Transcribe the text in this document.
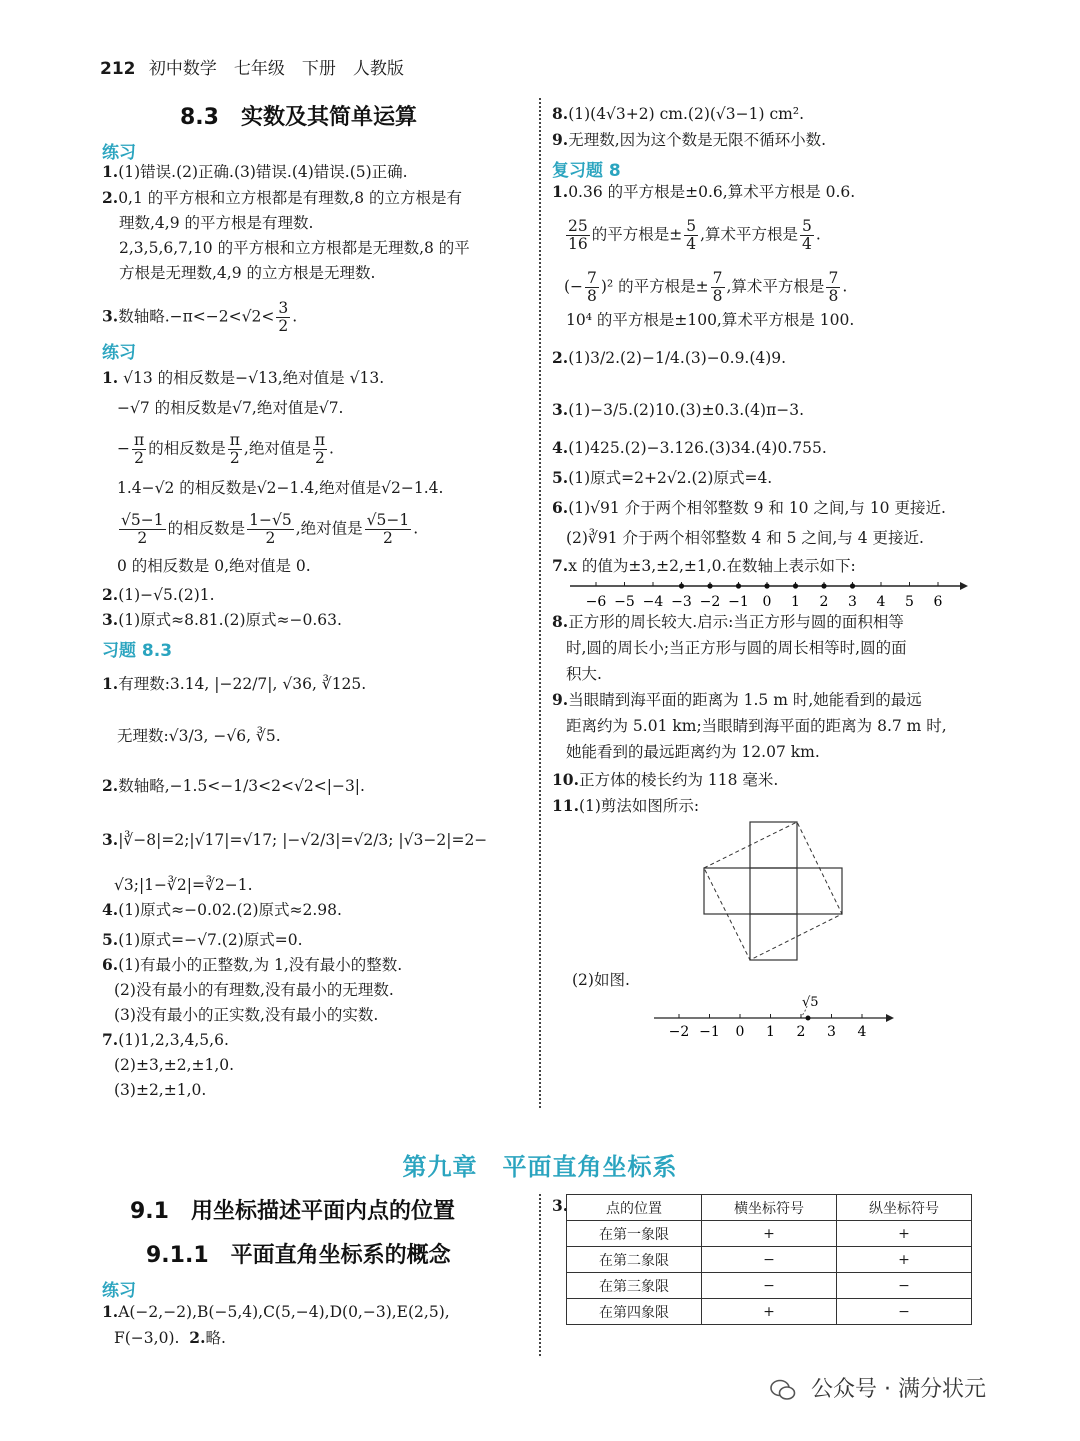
212 初中数学　七年级　下册　人教版
8.3　实数及其简单运算
练习
1.(1)错误.(2)正确.(3)错误.(4)错误.(5)正确.
2.0,1 的平方根和立方根都是有理数,8 的立方根是有
理数,4,9 的平方根是有理数.
2,3,5,6,7,10 的平方根和立方根都是无理数,8 的平
方根是无理数,4,9 的立方根是无理数.
3.数轴略$.-\pi<-2<√2< \frac{3}{2}$ .
练习
1. √13 的相反数是−√13,绝对值是 √13.
−√7 的相反数是√7,绝对值是√7.
− $\frac{\pi}{2}$ 的相反数是 $\frac{\pi}{2}$ ,绝对值是 $\frac{\pi}{2}$ .
1.4−√2 的相反数是√2−1.4,绝对值是√2−1.4.
$\frac{√5-1}{2}$ 的相反数是 $\frac{1-√5}{2}$ ,绝对值是 $\frac{√5-1}{2}$ .
0 的相反数是 0,绝对值是 0.
2.(1)−√5.(2)1.
3.(1)原式≈8.81.(2)原式≈−0.63.
习题 8.3
1.有理数:3.14, |−22/7|, √36, ∛125.
无理数:√3/3, −√6, ∛5.
2.数轴略,−1.5<−1/3<2<√2<|−3|.
3.|∛−8|=2;|√17|=√17; |−√2/3|=√2/3; |√3−2|=2−
√3;|1−∛2|=∛2−1.
4.(1)原式≈−0.02.(2)原式≈2.98.
5.(1)原式=−√7.(2)原式=0.
6.(1)有最小的正整数,为 1,没有最小的整数.
(2)没有最小的有理数,没有最小的无理数.
(3)没有最小的正实数,没有最小的实数.
7.(1)1,2,3,4,5,6.
(2)±3,±2,±1,0.
(3)±2,±1,0.
8.(1)(4√3+2) cm.(2)(√3−1) cm².
9.无理数,因为这个数是无限不循环小数.
复习题 8
1.0.36 的平方根是±0.6,算术平方根是 0.6.
$\frac{25}{16}$ 的平方根是± $\frac{5}{4}$ ,算术平方根是 $\frac{5}{4}$ .
(− $\frac{7}{8} )^2$ 的平方根是± $\frac{7}{8}$ ,算术平方根是 $\frac{7}{8}$ .
10⁴ 的平方根是±100,算术平方根是 100.
2.(1)3/2.(2)−1/4.(3)−0.9.(4)9.
3.(1)−3/5.(2)10.(3)±0.3.(4)π−3.
4.(1)425.(2)−3.126.(3)34.(4)0.755.
5.(1)原式=2+2√2.(2)原式=4.
6.(1)√91 介于两个相邻整数 9 和 10 之间,与 10 更接近.
(2)∛91 介于两个相邻整数 4 和 5 之间,与 4 更接近.
7.x 的值为±3,±2,±1,0.在数轴上表示如下:
−6 −5 −4 −3 −2 −1 0 1 2 3 4 5 6
8.正方形的周长较大.启示:当正方形与圆的面积相等
时,圆的周长小;当正方形与圆的周长相等时,圆的面
积大.
9.当眼睛到海平面的距离为 1.5 m 时,她能看到的最远
距离约为 5.01 km;当眼睛到海平面的距离为 8.7 m 时,
她能看到的最远距离约为 12.07 km.
10.正方体的棱长约为 118 毫米.
11.(1)剪法如图所示:
(2)如图.
√5
−2 −1 0 1 2 3 4
第九章　平面直角坐标系
9.1　用坐标描述平面内点的位置
9.1.1　平面直角坐标系的概念
练习
1.A(−2,−2),B(−5,4),C(5,−4),D(0,−3),E(2,5),
F(−3,0). 2.略.
3.	点的位置	横坐标符号	纵坐标符号
在第一象限	+	+
在第二象限	−	+
在第三象限	−	−
在第四象限	+	−
公众号 · 满分状元
